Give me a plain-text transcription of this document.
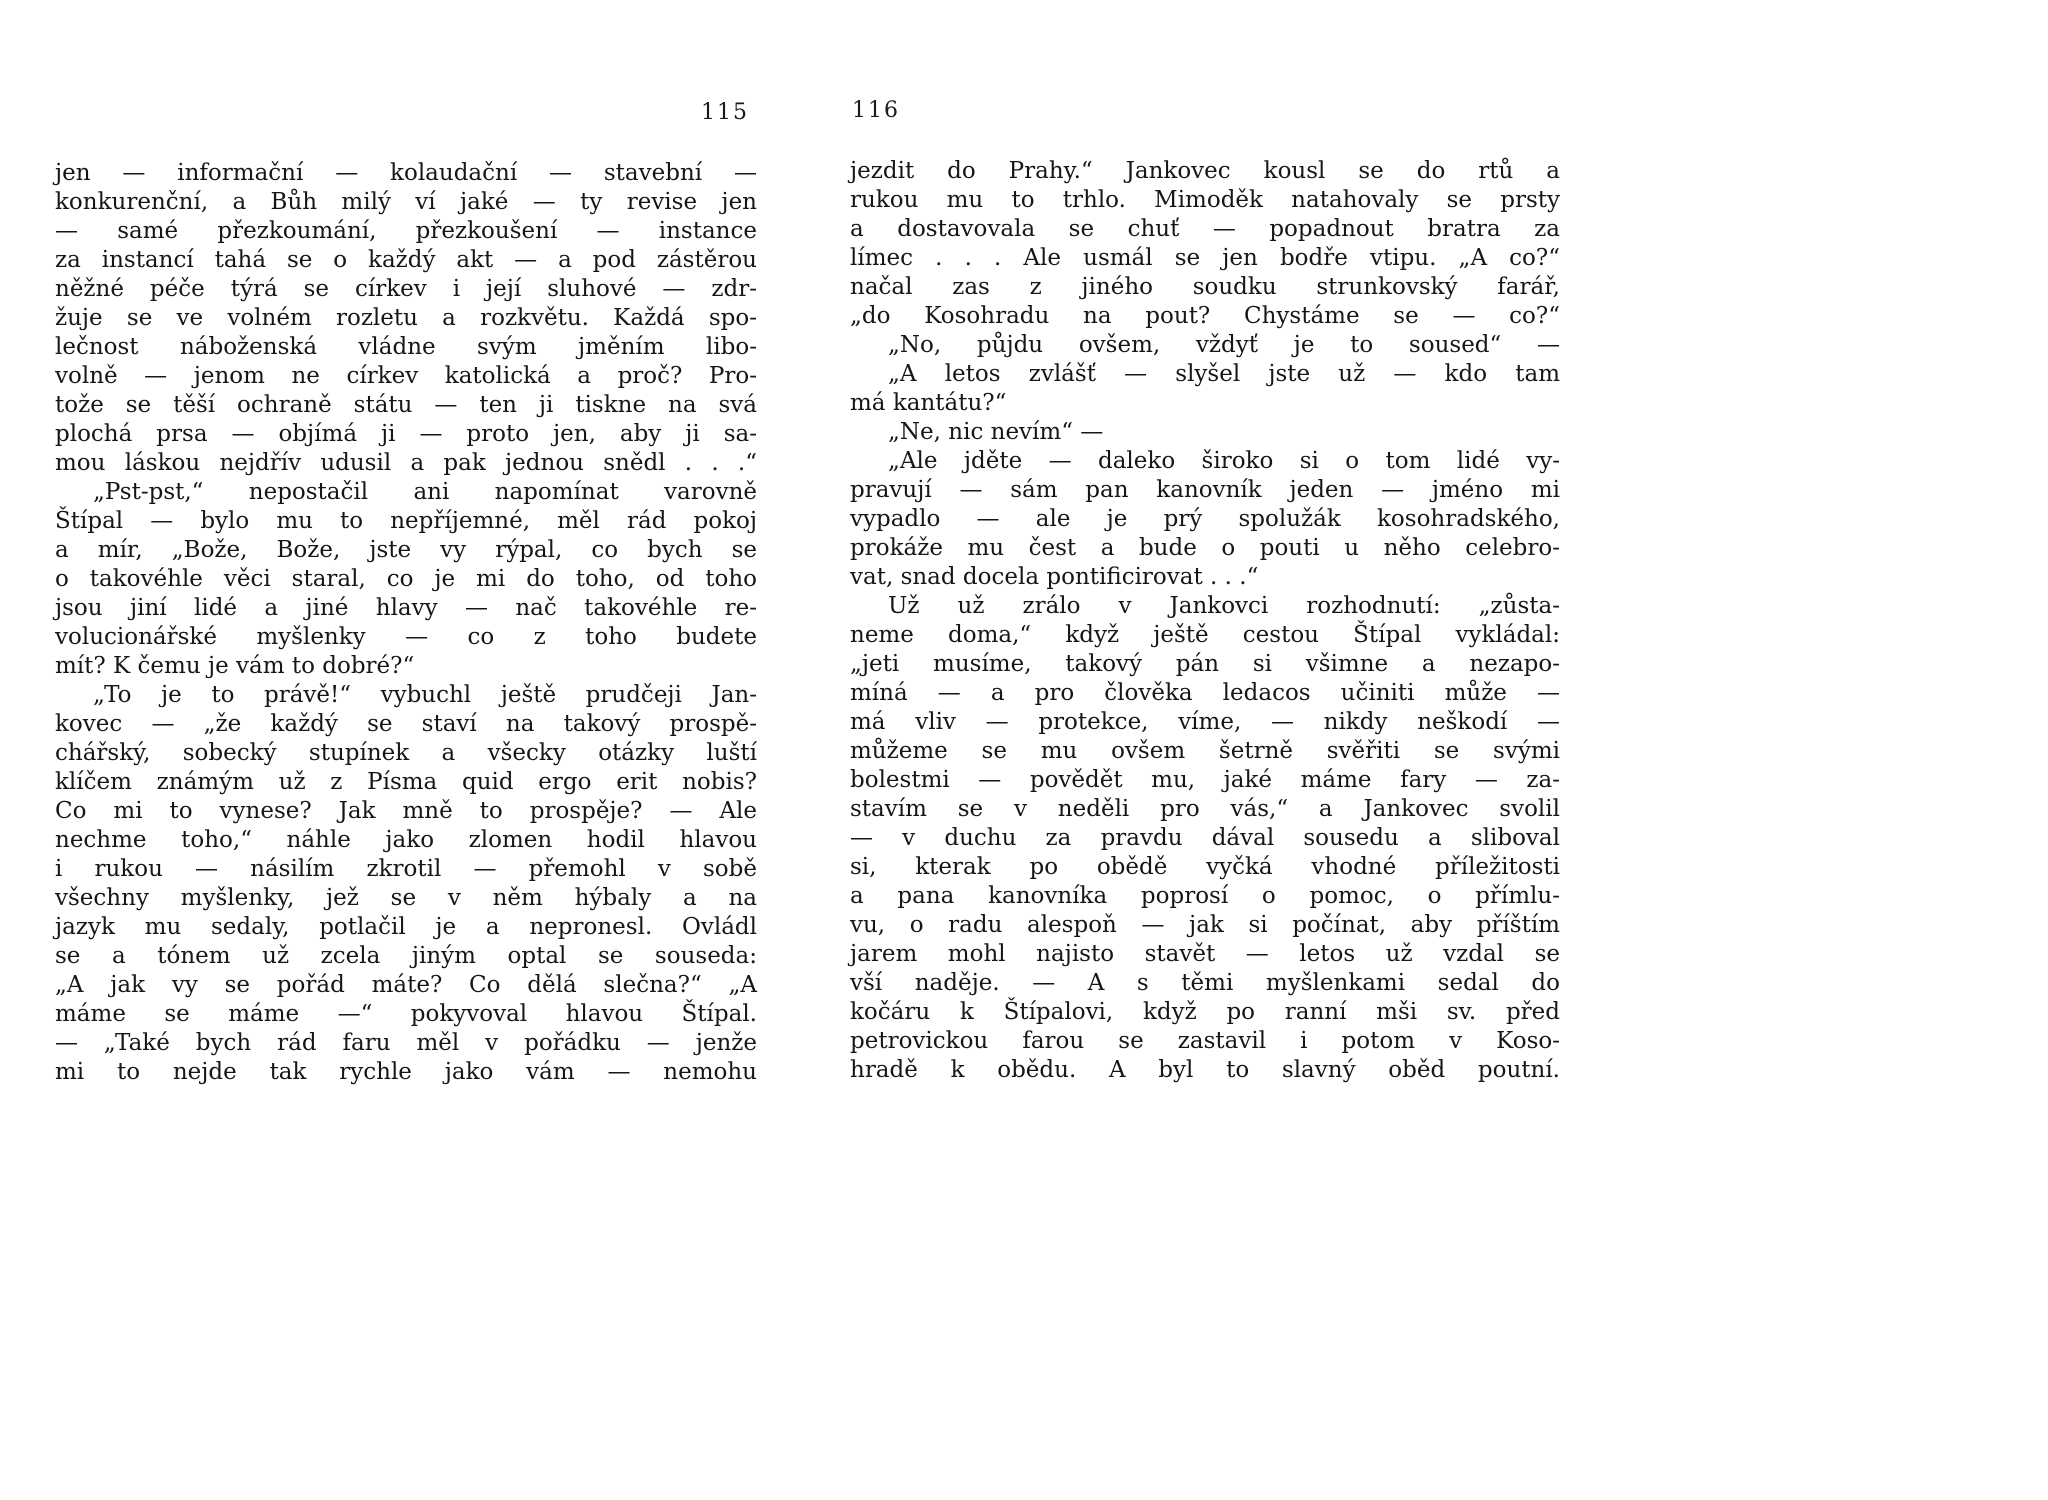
115	116
jen — informační — kolaudační — stavební —
konkurenční, a Bůh milý ví jaké — ty revise jen
— samé přezkoumání, přezkoušení — instance
za instancí tahá se o každý akt — a pod zástěrou
něžné péče týrá se církev i její sluhové — zdr-
žuje se ve volném rozletu a rozkvětu. Každá spo-
lečnost náboženská vládne svým jměním libo-
volně — jenom ne církev katolická a proč? Pro-
tože se těší ochraně státu — ten ji tiskne na svá
plochá prsa — objímá ji — proto jen, aby ji sa-
mou láskou nejdřív udusil a pak jednou snědl . . .“
„Pst-pst,“ nepostačil ani napomínat varovně
Štípal — bylo mu to nepříjemné, měl rád pokoj
a mír, „Bože, Bože, jste vy rýpal, co bych se
o takovéhle věci staral, co je mi do toho, od toho
jsou jiní lidé a jiné hlavy — nač takovéhle re-
volucionářské myšlenky — co z toho budete
mít? K čemu je vám to dobré?“
„To je to právě!“ vybuchl ještě prudčeji Jan-
kovec — „že každý se staví na takový prospě-
chářský, sobecký stupínek a všecky otázky luští
klíčem známým už z Písma quid ergo erit nobis?
Co mi to vynese? Jak mně to prospěje? — Ale
nechme toho,“ náhle jako zlomen hodil hlavou
i rukou — násilím zkrotil — přemohl v sobě
všechny myšlenky, jež se v něm hýbaly a na
jazyk mu sedaly, potlačil je a nepronesl. Ovládl
se a tónem už zcela jiným optal se souseda:
„A jak vy se pořád máte? Co dělá slečna?“ „A
máme se máme —“ pokyvoval hlavou Štípal.
— „Také bych rád faru měl v pořádku — jenže
mi to nejde tak rychle jako vám — nemohu
jezdit do Prahy.“ Jankovec kousl se do rtů a
rukou mu to trhlo. Mimoděk natahovaly se prsty
a dostavovala se chuť — popadnout bratra za
límec . . . Ale usmál se jen bodře vtipu. „A co?“
načal zas z jiného soudku strunkovský farář,
„do Kosohradu na pout? Chystáme se — co?“
„No, půjdu ovšem, vždyť je to soused“ —
„A letos zvlášť — slyšel jste už — kdo tam
má kantátu?“
„Ne, nic nevím“ —
„Ale jděte — daleko široko si o tom lidé vy-
pravují — sám pan kanovník jeden — jméno mi
vypadlo — ale je prý spolužák kosohradského,
prokáže mu čest a bude o pouti u něho celebro-
vat, snad docela pontificirovat . . .“
Už už zrálo v Jankovci rozhodnutí: „zůsta-
neme doma,“ když ještě cestou Štípal vykládal:
„jeti musíme, takový pán si všimne a nezapo-
míná — a pro člověka ledacos učiniti může —
má vliv — protekce, víme, — nikdy neškodí —
můžeme se mu ovšem šetrně svěřiti se svými
bolestmi — povědět mu, jaké máme fary — za-
stavím se v neděli pro vás,“ a Jankovec svolil
— v duchu za pravdu dával sousedu a sliboval
si, kterak po obědě vyčká vhodné příležitosti
a pana kanovníka poprosí o pomoc, o přímlu-
vu, o radu alespoň — jak si počínat, aby příštím
jarem mohl najisto stavět — letos už vzdal se
vší naděje. — A s těmi myšlenkami sedal do
kočáru k Štípalovi, když po ranní mši sv. před
petrovickou farou se zastavil i potom v Koso-
hradě k obědu. A byl to slavný oběd poutní.
